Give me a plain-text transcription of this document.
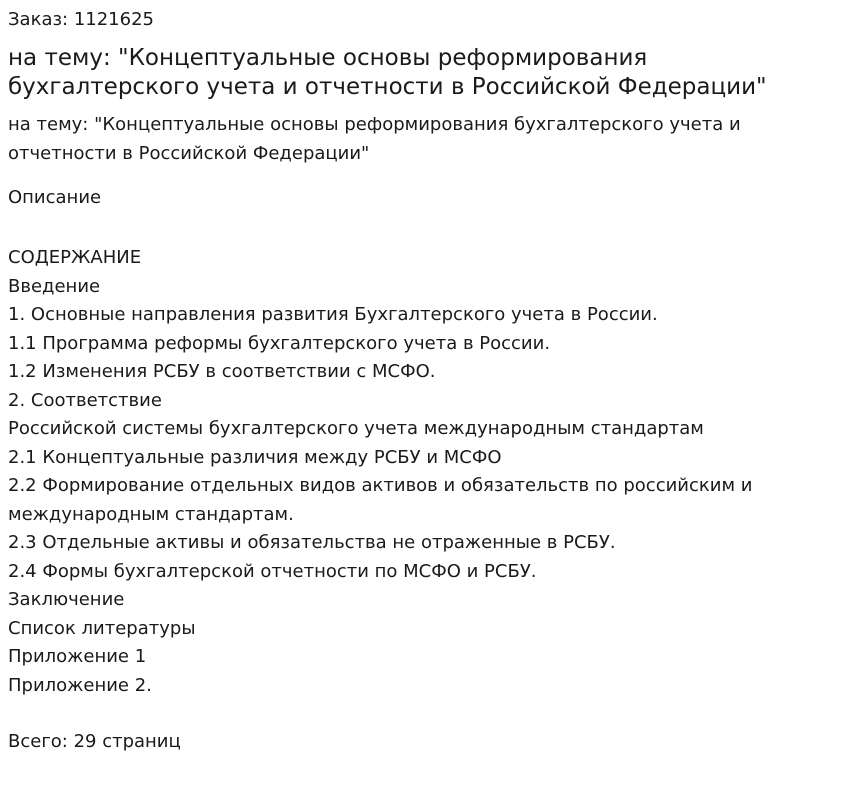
Заказ: 1121625
на тему: "Концептуальные основы реформирования бухгалтерского учета и отчетности в Российской Федерации"
на тему: "Концептуальные основы реформирования бухгалтерского учета и отчетности в Российской Федерации"
Описание
СОДЕРЖАНИЕ
Введение
1. Основные направления развития Бухгалтерского учета в России.
1.1 Программа реформы бухгалтерского учета в России.
1.2 Изменения РСБУ в соответствии с МСФО.
2. Соответствие
Российской системы бухгалтерского учета международным стандартам
2.1 Концептуальные различия между РСБУ и МСФО
2.2 Формирование отдельных видов активов и обязательств по российским и международным стандартам.
2.3 Отдельные активы и обязательства не отраженные в РСБУ.
2.4 Формы бухгалтерской отчетности по МСФО и РСБУ.
Заключение
Список литературы
Приложение 1
Приложение 2.
Всего: 29 страниц
